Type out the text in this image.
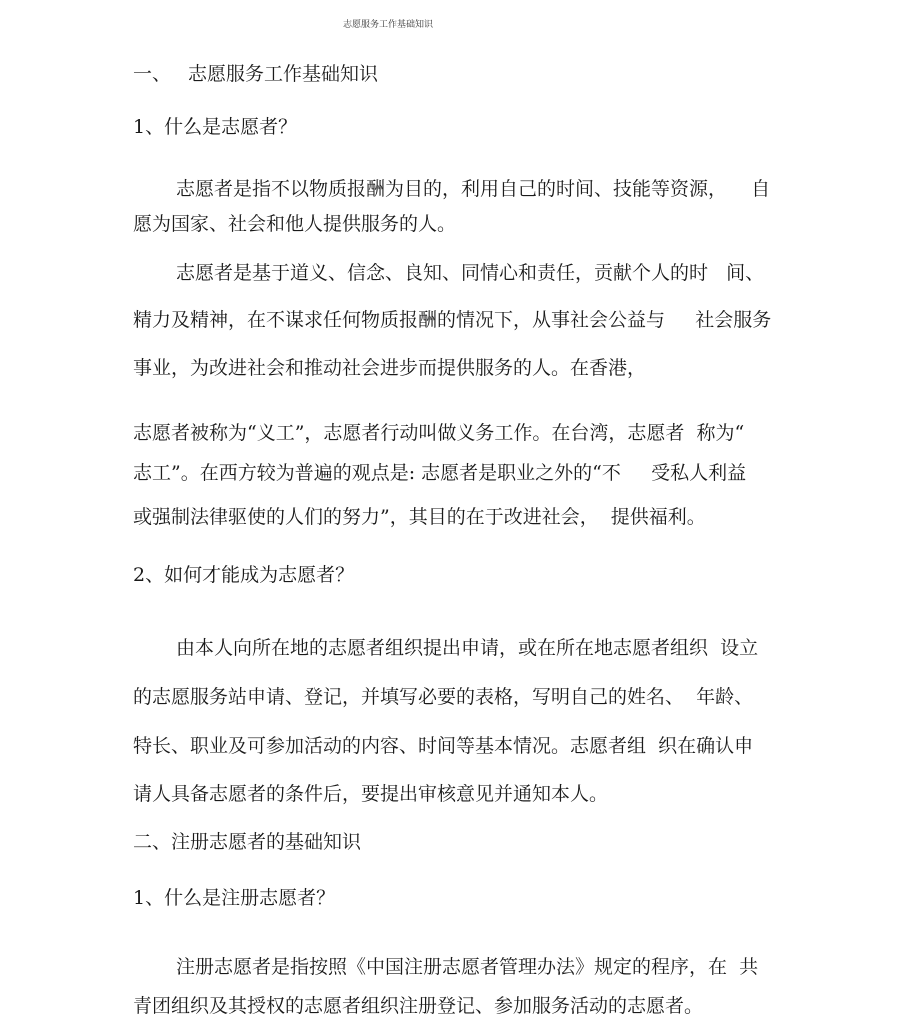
志愿服务工作基础知识
一、 志愿服务工作基础知识
1、什么是志愿者？
志愿者是指不以物质报酬为目的，利用自己的时间、技能等资源，    自
愿为国家、社会和他人提供服务的人。
志愿者是基于道义、信念、良知、同情心和责任，贡献个人的时   间、
精力及精神，在不谋求任何物质报酬的情况下，从事社会公益与     社会服务
事业，为改进社会和推动社会进步而提供服务的人。在香港，
志愿者被称为“义工”，志愿者行动叫做义务工作。在台湾，志愿者  称为“
志工”。在西方较为普遍的观点是: 志愿者是职业之外的“不     受私人利益
或强制法律驱使的人们的努力”，其目的在于改进社会，  提供福利。
2、如何才能成为志愿者？
由本人向所在地的志愿者组织提出申请，或在所在地志愿者组织  设立
的志愿服务站申请、登记，并填写必要的表格，写明自己的姓名、  年龄、
特长、职业及可参加活动的内容、时间等基本情况。志愿者组  织在确认申
请人具备志愿者的条件后，要提出审核意见并通知本人。
二、注册志愿者的基础知识
1、什么是注册志愿者？
注册志愿者是指按照《中国注册志愿者管理办法》规定的程序，在  共
青团组织及其授权的志愿者组织注册登记、参加服务活动的志愿者。
